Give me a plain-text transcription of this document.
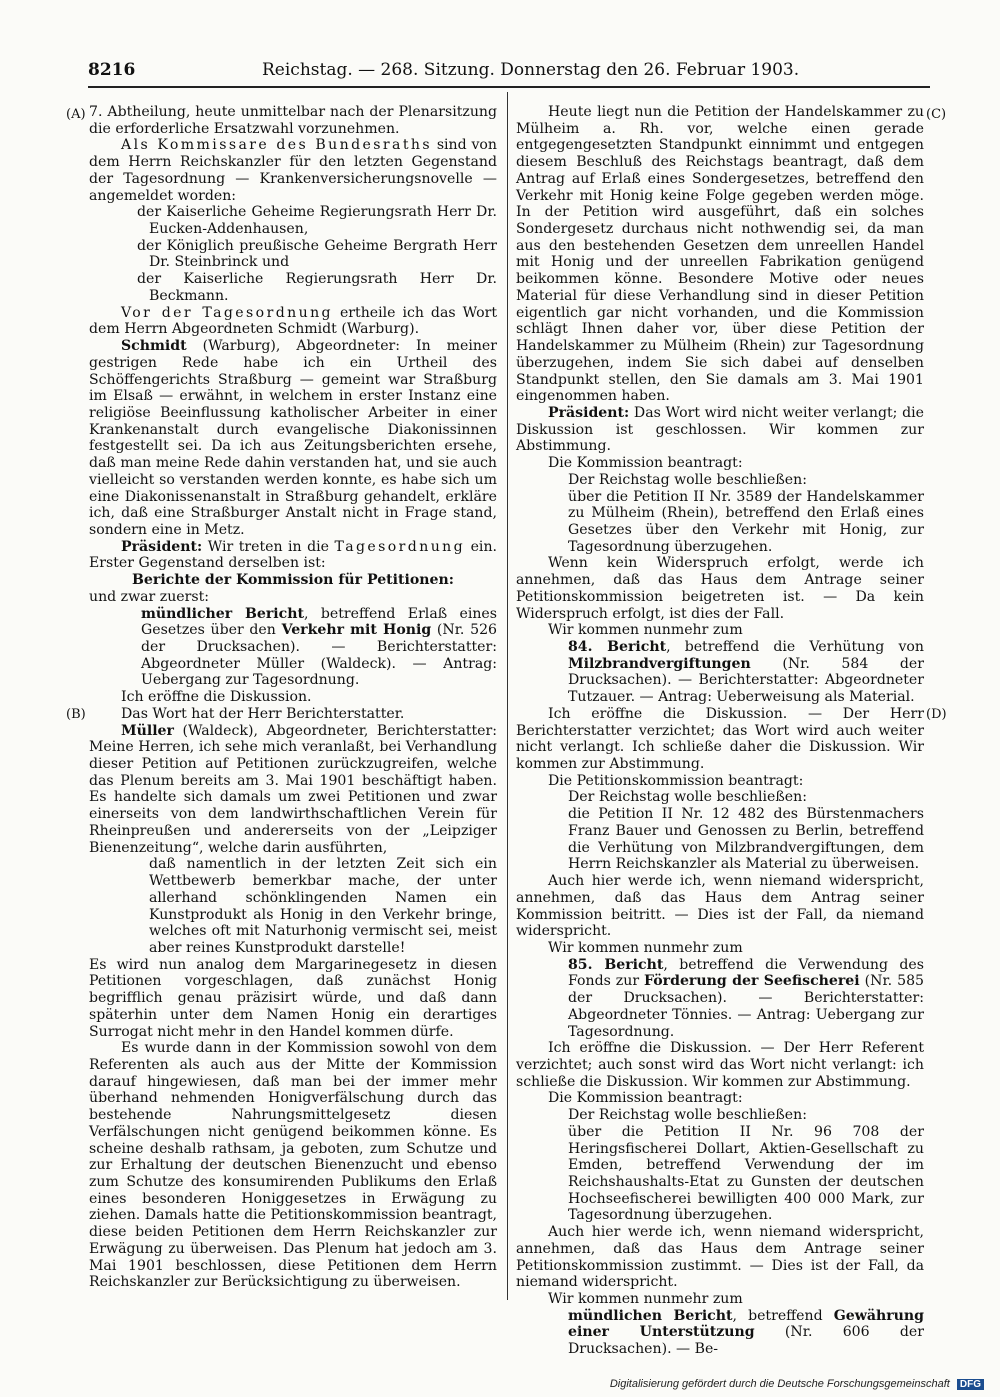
8216	Reichstag. — 268. Sitzung. Donnerstag den 26. Februar 1903.
(A)
(B)
(C)
(D)

7. Abtheilung, heute unmittelbar nach der Plenarsitzung die erforderliche Ersatzwahl vorzunehmen.

Als Kommissare des Bundesraths sind von dem Herrn Reichskanzler für den letzten Gegenstand der Tagesordnung — Krankenversicherungsnovelle — angemeldet worden:

der Kaiserliche Geheime Regierungsrath Herr Dr. Eucken-Addenhausen,

der Königlich preußische Geheime Bergrath Herr Dr. Steinbrinck und

der Kaiserliche Regierungsrath Herr Dr. Beckmann.

Vor der Tagesordnung ertheile ich das Wort dem Herrn Abgeordneten Schmidt (Warburg).

Schmidt (Warburg), Abgeordneter: In meiner gestrigen Rede habe ich ein Urtheil des Schöffengerichts Straßburg — gemeint war Straßburg im Elsaß — erwähnt, in welchem in erster Instanz eine religiöse Beeinflussung katholischer Arbeiter in einer Krankenanstalt durch evangelische Diakonissinnen festgestellt sei. Da ich aus Zeitungsberichten ersehe, daß man meine Rede dahin verstanden hat, und sie auch vielleicht so verstanden werden konnte, es habe sich um eine Diakonissenanstalt in Straßburg gehandelt, erkläre ich, daß eine Straßburger Anstalt nicht in Frage stand, sondern eine in Metz.

Präsident: Wir treten in die Tagesordnung ein. Erster Gegenstand derselben ist:

Berichte der Kommission für Petitionen:

und zwar zuerst:

mündlicher Bericht, betreffend Erlaß eines Gesetzes über den Verkehr mit Honig (Nr. 526 der Drucksachen). — Berichterstatter: Abgeordneter Müller (Waldeck). — Antrag: Uebergang zur Tagesordnung.

Ich eröffne die Diskussion.

Das Wort hat der Herr Berichterstatter.

Müller (Waldeck), Abgeordneter, Berichterstatter: Meine Herren, ich sehe mich veranlaßt, bei Verhandlung dieser Petition auf Petitionen zurückzugreifen, welche das Plenum bereits am 3. Mai 1901 beschäftigt haben. Es handelte sich damals um zwei Petitionen und zwar einerseits von dem landwirthschaftlichen Verein für Rheinpreußen und andererseits von der „Leipziger Bienenzeitung“, welche darin ausführten,

daß namentlich in der letzten Zeit sich ein Wettbewerb bemerkbar mache, der unter allerhand schönklingenden Namen ein Kunstprodukt als Honig in den Verkehr bringe, welches oft mit Naturhonig vermischt sei, meist aber reines Kunstprodukt darstelle!

Es wird nun analog dem Margarinegesetz in diesen Petitionen vorgeschlagen, daß zunächst Honig begrifflich genau präzisirt würde, und daß dann späterhin unter dem Namen Honig ein derartiges Surrogat nicht mehr in den Handel kommen dürfe.

Es wurde dann in der Kommission sowohl von dem Referenten als auch aus der Mitte der Kommission darauf hingewiesen, daß man bei der immer mehr überhand nehmenden Honigverfälschung durch das bestehende Nahrungsmittelgesetz diesen Verfälschungen nicht genügend beikommen könne. Es scheine deshalb rathsam, ja geboten, zum Schutze und zur Erhaltung der deutschen Bienenzucht und ebenso zum Schutze des konsumirenden Publikums den Erlaß eines besonderen Honiggesetzes in Erwägung zu ziehen. Damals hatte die Petitionskommission beantragt, diese beiden Petitionen dem Herrn Reichskanzler zur Erwägung zu überweisen. Das Plenum hat jedoch am 3. Mai 1901 beschlossen, diese Petitionen dem Herrn Reichskanzler zur Berücksichtigung zu überweisen.

Heute liegt nun die Petition der Handelskammer zu Mülheim a. Rh. vor, welche einen gerade entgegengesetzten Standpunkt einnimmt und entgegen diesem Beschluß des Reichstags beantragt, daß dem Antrag auf Erlaß eines Sondergesetzes, betreffend den Verkehr mit Honig keine Folge gegeben werden möge. In der Petition wird ausgeführt, daß ein solches Sondergesetz durchaus nicht nothwendig sei, da man aus den bestehenden Gesetzen dem unreellen Handel mit Honig und der unreellen Fabrikation genügend beikommen könne. Besondere Motive oder neues Material für diese Verhandlung sind in dieser Petition eigentlich gar nicht vorhanden, und die Kommission schlägt Ihnen daher vor, über diese Petition der Handelskammer zu Mülheim (Rhein) zur Tagesordnung überzugehen, indem Sie sich dabei auf denselben Standpunkt stellen, den Sie damals am 3. Mai 1901 eingenommen haben.

Präsident: Das Wort wird nicht weiter verlangt; die Diskussion ist geschlossen. Wir kommen zur Abstimmung.

Die Kommission beantragt:

Der Reichstag wolle beschließen:

über die Petition II Nr. 3589 der Handelskammer zu Mülheim (Rhein), betreffend den Erlaß eines Gesetzes über den Verkehr mit Honig, zur Tagesordnung überzugehen.

Wenn kein Widerspruch erfolgt, werde ich annehmen, daß das Haus dem Antrage seiner Petitionskommission beigetreten ist. — Da kein Widerspruch erfolgt, ist dies der Fall.

Wir kommen nunmehr zum

84. Bericht, betreffend die Verhütung von Milzbrandvergiftungen (Nr. 584 der Drucksachen). — Berichterstatter: Abgeordneter Tutzauer. — Antrag: Ueberweisung als Material.

Ich eröffne die Diskussion. — Der Herr Berichterstatter verzichtet; das Wort wird auch weiter nicht verlangt. Ich schließe daher die Diskussion. Wir kommen zur Abstimmung.

Die Petitionskommission beantragt:

Der Reichstag wolle beschließen:

die Petition II Nr. 12 482 des Bürstenmachers Franz Bauer und Genossen zu Berlin, betreffend die Verhütung von Milzbrandvergiftungen, dem Herrn Reichskanzler als Material zu überweisen.

Auch hier werde ich, wenn niemand widerspricht, annehmen, daß das Haus dem Antrag seiner Kommission beitritt. — Dies ist der Fall, da niemand widerspricht.

Wir kommen nunmehr zum

85. Bericht, betreffend die Verwendung des Fonds zur Förderung der Seefischerei (Nr. 585 der Drucksachen). — Berichterstatter: Abgeordneter Tönnies. — Antrag: Uebergang zur Tagesordnung.

Ich eröffne die Diskussion. — Der Herr Referent verzichtet; auch sonst wird das Wort nicht verlangt: ich schließe die Diskussion. Wir kommen zur Abstimmung.

Die Kommission beantragt:

Der Reichstag wolle beschließen:

über die Petition II Nr. 96 708 der Heringsfischerei Dollart, Aktien-Gesellschaft zu Emden, betreffend Verwendung der im Reichshaushalts-Etat zu Gunsten der deutschen Hochseefischerei bewilligten 400 000 Mark, zur Tagesordnung überzugehen.

Auch hier werde ich, wenn niemand widerspricht, annehmen, daß das Haus dem Antrage seiner Petitionskommission zustimmt. — Dies ist der Fall, da niemand widerspricht.

Wir kommen nunmehr zum

mündlichen Bericht, betreffend Gewährung einer Unterstützung (Nr. 606 der Drucksachen). — Be-

Digitalisierung gefördert durch die Deutsche Forschungsgemeinschaft DFG
